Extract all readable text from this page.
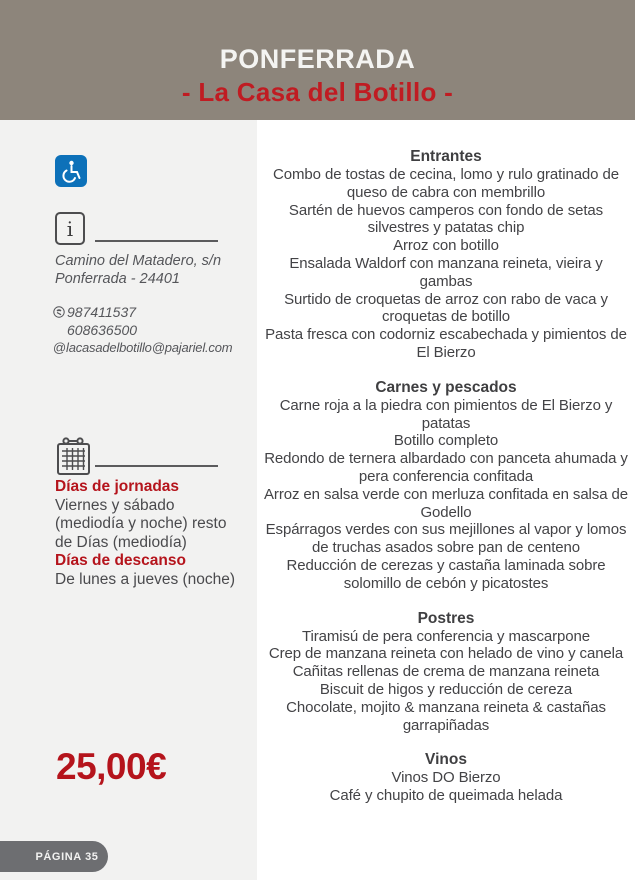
PONFERRADA
- La Casa del Botillo -
i
Camino del Matadero, s/n
Ponferrada - 24401
987411537
608636500
@ lacasadelbotillo@pajariel.com
Días de jornadas
Viernes y sábado
(mediodía y noche) resto
de Días (mediodía)
Días de descanso
De lunes a jueves (noche)
25,00€
PÁGINA 35
Entrantes

Combo de tostas de cecina, lomo y rulo gratinado de queso de cabra con membrillo

Sartén de huevos camperos con fondo de setas silvestres y patatas chip

Arroz con botillo

Ensalada Waldorf con manzana reineta, vieira y gambas

Surtido de croquetas de arroz con rabo de vaca y croquetas de botillo

Pasta fresca con codorniz escabechada y pimientos de El Bierzo

Carnes y pescados

Carne roja a la piedra con pimientos de El Bierzo y patatas

Botillo completo

Redondo de ternera albardado con panceta ahumada y pera conferencia confitada

Arroz en salsa verde con merluza confitada en salsa de Godello

Espárragos verdes con sus mejillones al vapor y lomos de truchas asados sobre pan de centeno

Reducción de cerezas y castaña laminada sobre solomillo de cebón y picatostes

Postres

Tiramisú de pera conferencia y mascarpone

Crep de manzana reineta con helado de vino y canela

Cañitas rellenas de crema de manzana reineta

Biscuit de higos y reducción de cereza

Chocolate, mojito & manzana reineta & castañas garrapiñadas

Vinos

Vinos DO Bierzo

Café y chupito de queimada helada
